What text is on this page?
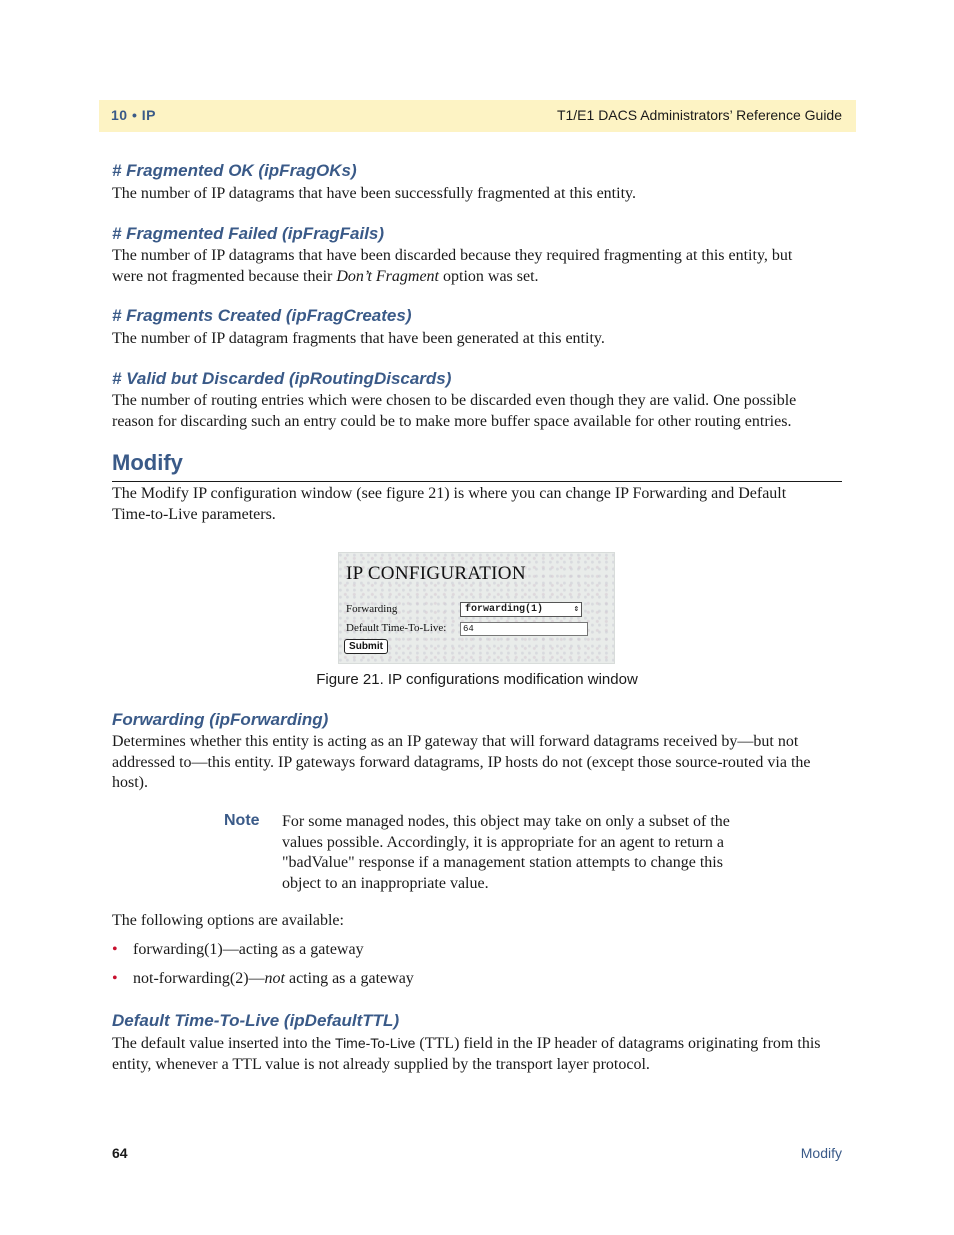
10 • IP	T1/E1 DACS Administrators’ Reference Guide
# Fragmented OK (ipFragOKs)
The number of IP datagrams that have been successfully fragmented at this entity.
# Fragmented Failed (ipFragFails)
The number of IP datagrams that have been discarded because they required fragmenting at this entity, but
were not fragmented because their Don’t Fragment option was set.
# Fragments Created (ipFragCreates)
The number of IP datagram fragments that have been generated at this entity.
# Valid but Discarded (ipRoutingDiscards)
The number of routing entries which were chosen to be discarded even though they are valid. One possible
reason for discarding such an entry could be to make more buffer space available for other routing entries.
Modify
The Modify IP configuration window (see figure 21) is where you can change IP Forwarding and Default
Time-to-Live parameters.
IP CONFIGURATION
Forwarding	forwarding(1)	⇕
Default Time-To-Live:	64
Submit
Figure 21. IP configurations modification window
Forwarding (ipForwarding)
Determines whether this entity is acting as an IP gateway that will forward datagrams received by—but not
addressed to—this entity. IP gateways forward datagrams, IP hosts do not (except those source-routed via the
host).
Note For some managed nodes, this object may take on only a subset of the
values possible. Accordingly, it is appropriate for an agent to return a
"badValue" response if a management station attempts to change this
object to an inappropriate value.
The following options are available:
• forwarding(1)—acting as a gateway
• not-forwarding(2)—not acting as a gateway
Default Time-To-Live (ipDefaultTTL)
The default value inserted into the Time-To-Live (TTL) field in the IP header of datagrams originating from this
entity, whenever a TTL value is not already supplied by the transport layer protocol.
64	Modify
